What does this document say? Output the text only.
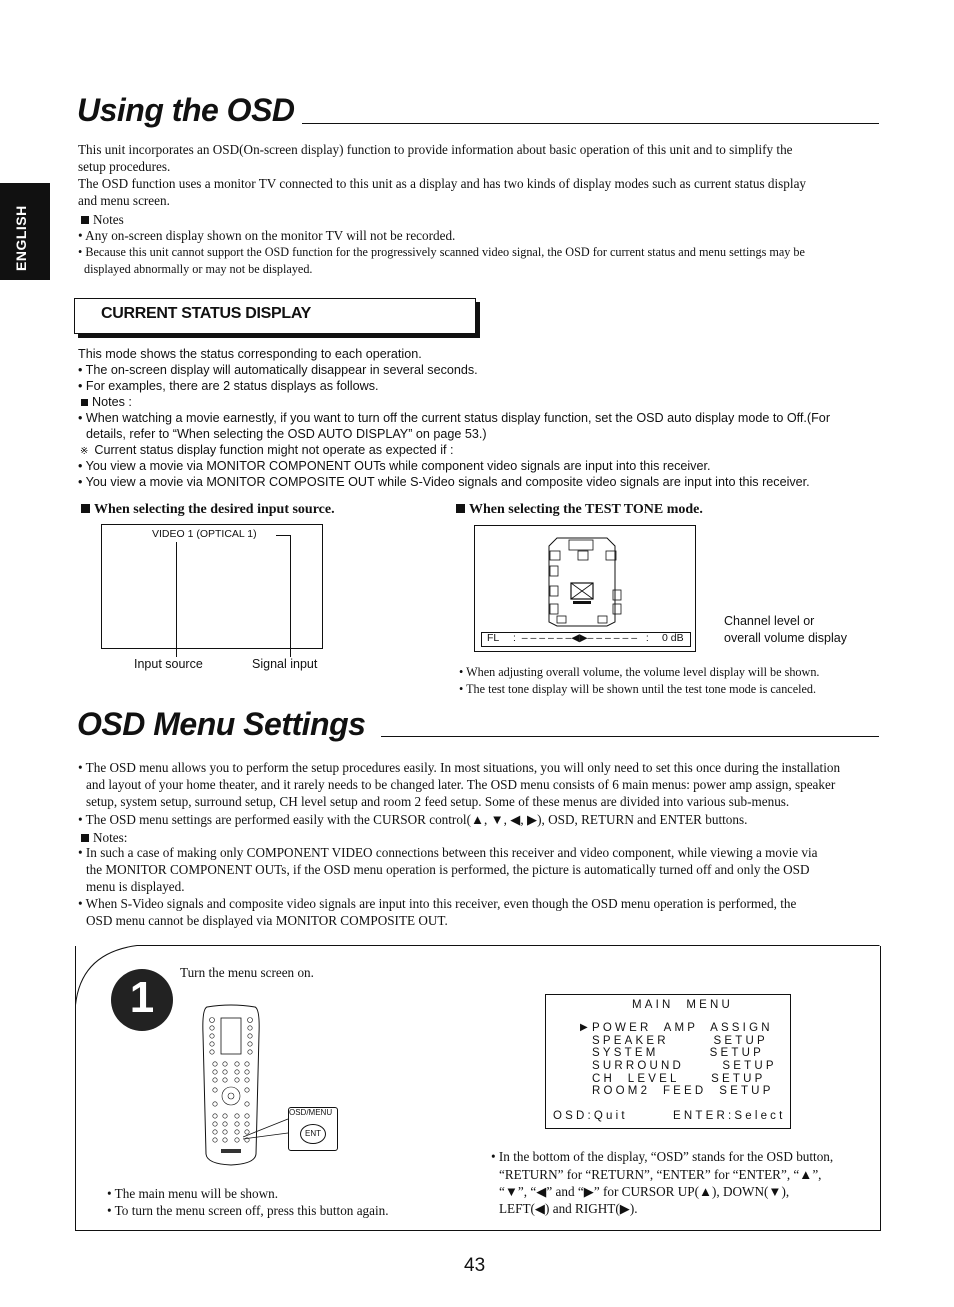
ENGLISH
Using the OSD
This unit incorporates an OSD(On-screen display) function to provide information about basic operation of this unit and to simplify the
setup procedures.
The OSD function uses a monitor TV connected to this unit as a display and has two kinds of display modes such as current status display
and menu screen.
Notes
• Any on-screen display shown on the monitor TV will not be recorded.
• Because this unit cannot support the OSD function for the progressively scanned video signal, the OSD for current status and menu settings may be
displayed abnormally or may not be displayed.
CURRENT STATUS DISPLAY
This mode shows the status corresponding to each operation.
• The on-screen display will automatically disappear in several seconds.
• For examples, there are 2 status displays as follows.
Notes :
• When watching a movie earnestly, if you want to turn off the current status display function, set the OSD auto display mode to Off.(For
details, refer to “When selecting the OSD AUTO DISPLAY” on page 53.)
※ Current status display function might not operate as expected if :
• You view a movie via MONITOR COMPONENT OUTs while component video signals are input into this receiver.
• You view a movie via MONITOR COMPOSITE OUT while S-Video signals and composite video signals are input into this receiver.
When selecting the desired input source.
VIDEO 1 (OPTICAL 1)
Input source	Signal input
When selecting the TEST TONE mode.
FL :  – – – – – –◀▶– – – – – –   : 0 dB
Channel level or
overall volume display
• When adjusting overall volume, the volume level display will be shown.
• The test tone display will be shown until the test tone mode is canceled.
OSD Menu Settings
• The OSD menu allows you to perform the setup procedures easily. In most situations, you will only need to set this once during the installation
and layout of your home theater, and it rarely needs to be changed later. The OSD menu consists of 6 main menus: power amp assign, speaker
setup, system setup, surround setup, CH level setup and room 2 feed setup. Some of these menus are divided into various sub-menus.
• The OSD menu settings are performed easily with the CURSOR control(▲, ▼, ◀, ▶), OSD, RETURN and ENTER buttons.
Notes:
• In such a case of making only COMPONENT VIDEO connections between this receiver and video component, while viewing a movie via
the MONITOR COMPONENT OUTs, if the OSD menu operation is performed, the picture is automatically turned off and only the OSD
menu is displayed.
• When S-Video signals and composite video signals are input into this receiver, even though the OSD menu operation is performed, the
OSD menu cannot be displayed via MONITOR COMPOSITE OUT.
1
Turn the menu screen on.
OSD/MENU
ENT
• The main menu will be shown.
• To turn the menu screen off, press this button again.
MAIN  MENU
▶ POWER  AMP  ASSIGN
SPEAKER       SETUP
SYSTEM        SETUP
SURROUND      SETUP
CH  LEVEL     SETUP
ROOM2  FEED  SETUP
OSD:Quit	ENTER:Select
• In the bottom of the display, “OSD” stands for the OSD button,
“RETURN” for “RETURN”, “ENTER” for “ENTER”, “▲”,
“▼”, “◀” and “▶” for CURSOR UP(▲), DOWN(▼),
LEFT(◀) and RIGHT(▶).
43
